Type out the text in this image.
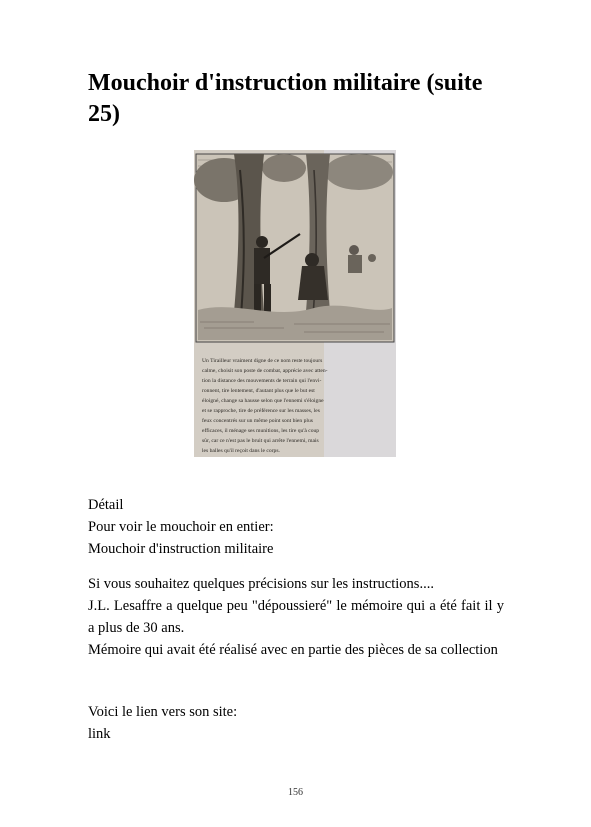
Mouchoir d'instruction militaire (suite 25)
Un Tirailleur vraiment digne de ce nom reste toujours
calme, choisit son poste de combat, apprécie avec atten-
tion la distance des mouvements de terrain qui l'envi-
ronnent, tire lentement, d'autant plus que le but est
éloigné, change sa hausse selon que l'ennemi s'éloigne
et se rapproche, tire de préférence sur les masses, les
feux concentrés sur un même point sont bien plus
efficaces, il ménage ses munitions, les tire qu'à coup
sûr, car ce n'est pas le bruit qui arrête l'ennemi, mais
les balles qu'il reçoit dans le corps.
Détail
Pour voir le mouchoir en entier:
Mouchoir d'instruction militaire
Si vous souhaitez quelques précisions sur les instructions....
J.L. Lesaffre a quelque peu "dépoussieré" le mémoire qui a été fait il y a plus de 30 ans.
Mémoire qui avait été réalisé avec en partie des pièces de sa collection
Voici le lien vers son site:
link
156
